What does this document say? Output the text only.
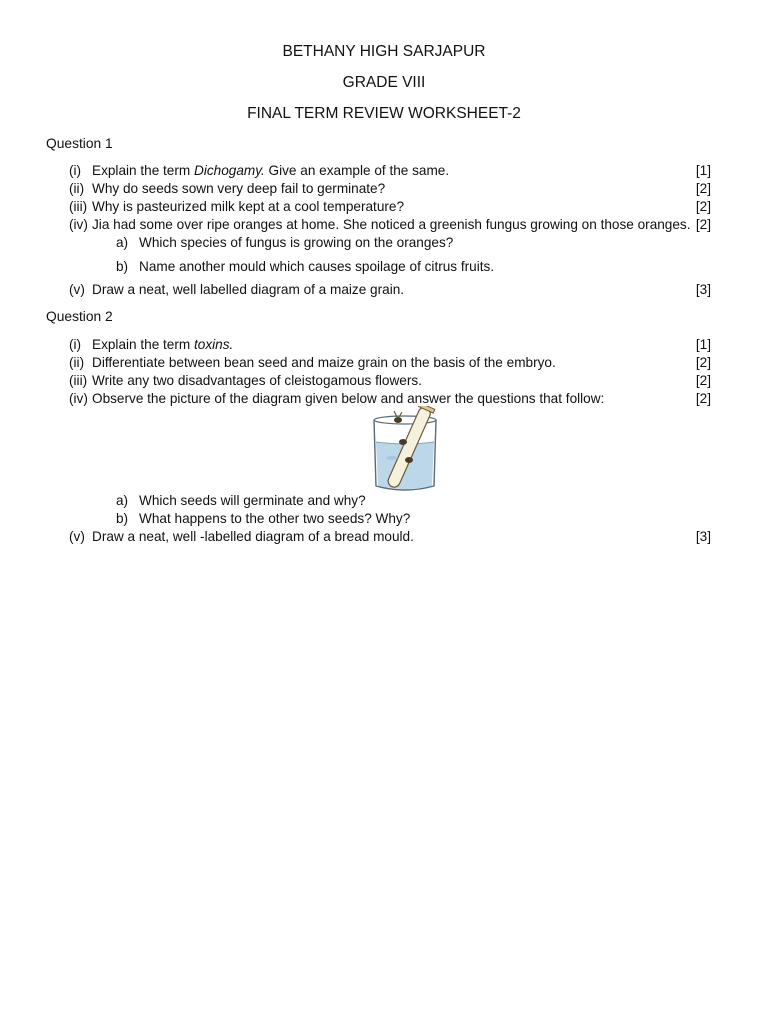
BETHANY HIGH SARJAPUR
GRADE VIII
FINAL TERM REVIEW WORKSHEET-2
Question 1
(i) Explain the term Dichogamy. Give an example of the same.	[1]
(ii) Why do seeds sown very deep fail to germinate?	[2]
(iii) Why is pasteurized milk kept at a cool temperature?	[2]
(iv) Jia had some over ripe oranges at home. She noticed a greenish fungus growing on those oranges. [2]
a) Which species of fungus is growing on the oranges?
b) Name another mould which causes spoilage of citrus fruits.
(v) Draw a neat, well labelled diagram of a maize grain.	[3]
Question 2
(i) Explain the term toxins.	[1]
(ii) Differentiate between bean seed and maize grain on the basis of the embryo.	[2]
(iii) Write any two disadvantages of cleistogamous flowers.	[2]
(iv) Observe the picture of the diagram given below and answer the questions that follow:	[2]
a) Which seeds will germinate and why?
b) What happens to the other two seeds? Why?
(v) Draw a neat, well -labelled diagram of a bread mould.	[3]
